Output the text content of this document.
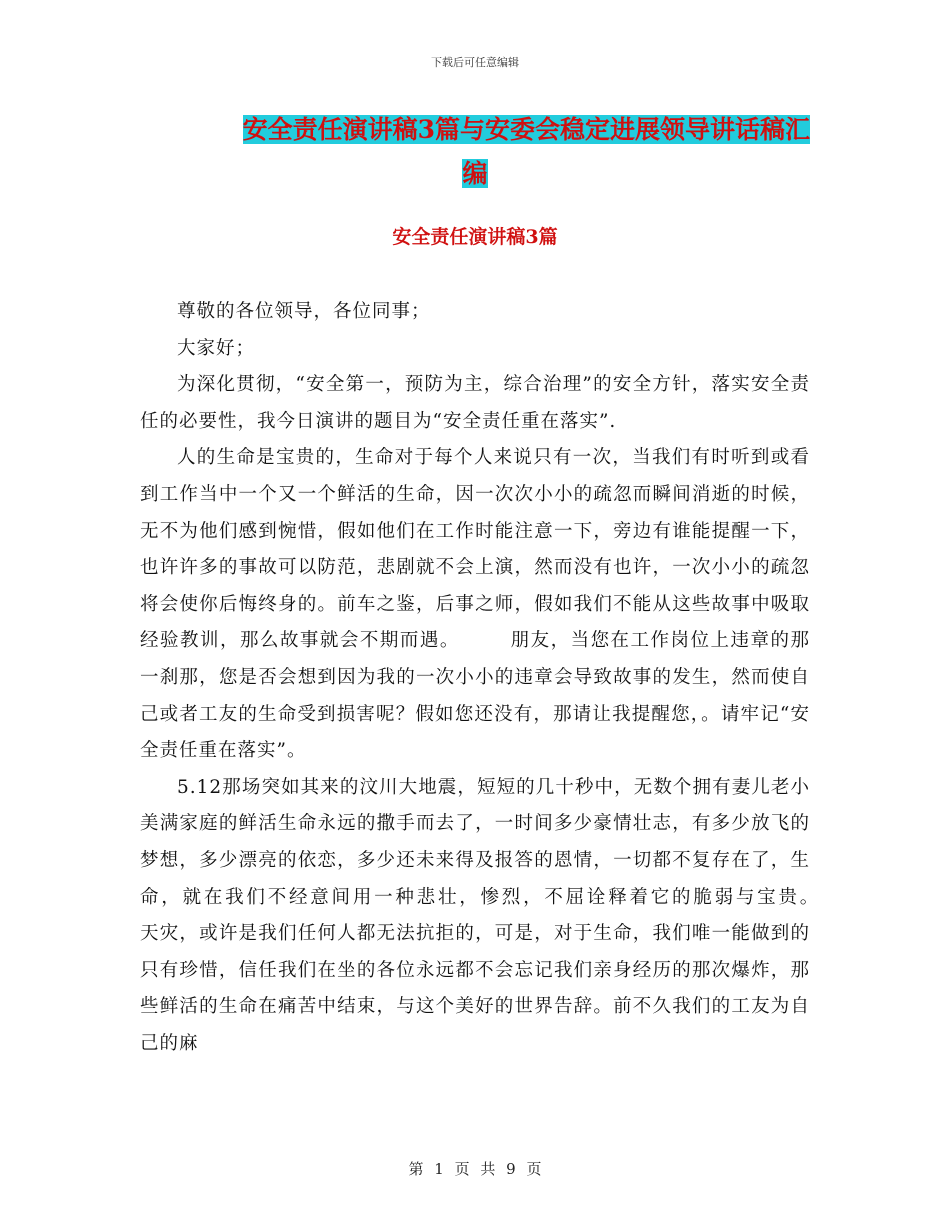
下载后可任意编辑
安全责任演讲稿3篇与安委会稳定进展领导讲话稿汇
编
安全责任演讲稿3篇

尊敬的各位领导，各位同事；

大家好；

为深化贯彻，“安全第一，预防为主，综合治理”的安全方针，落实安全责任的必要性，我今日演讲的题目为“安全责任重在落实”.

人的生命是宝贵的，生命对于每个人来说只有一次，当我们有时听到或看到工作当中一个又一个鲜活的生命，因一次次小小的疏忽而瞬间消逝的时候，无不为他们感到惋惜，假如他们在工作时能注意一下，旁边有谁能提醒一下，也许许多的事故可以防范，悲剧就不会上演，然而没有也许，一次小小的疏忽将会使你后悔终身的。前车之鉴，后事之师，假如我们不能从这些故事中吸取经验教训，那么故事就会不期而遇。　　　朋友，当您在工作岗位上违章的那一刹那，您是否会想到因为我的一次小小的违章会导致故事的发生，然而使自己或者工友的生命受到损害呢？假如您还没有，那请让我提醒您，。请牢记“安全责任重在落实”。

5.12那场突如其来的汶川大地震，短短的几十秒中，无数个拥有妻儿老小美满家庭的鲜活生命永远的撒手而去了，一时间多少豪情壮志，有多少放飞的梦想，多少漂亮的依恋，多少还未来得及报答的恩情，一切都不复存在了，生命，就在我们不经意间用一种悲壮，惨烈，不屈诠释着它的脆弱与宝贵。　　　天灾，或许是我们任何人都无法抗拒的，可是，对于生命，我们唯一能做到的只有珍惜，信任我们在坐的各位永远都不会忘记我们亲身经历的那次爆炸，那些鲜活的生命在痛苦中结束，与这个美好的世界告辞。前不久我们的工友为自己的麻

第 1 页 共 9 页
